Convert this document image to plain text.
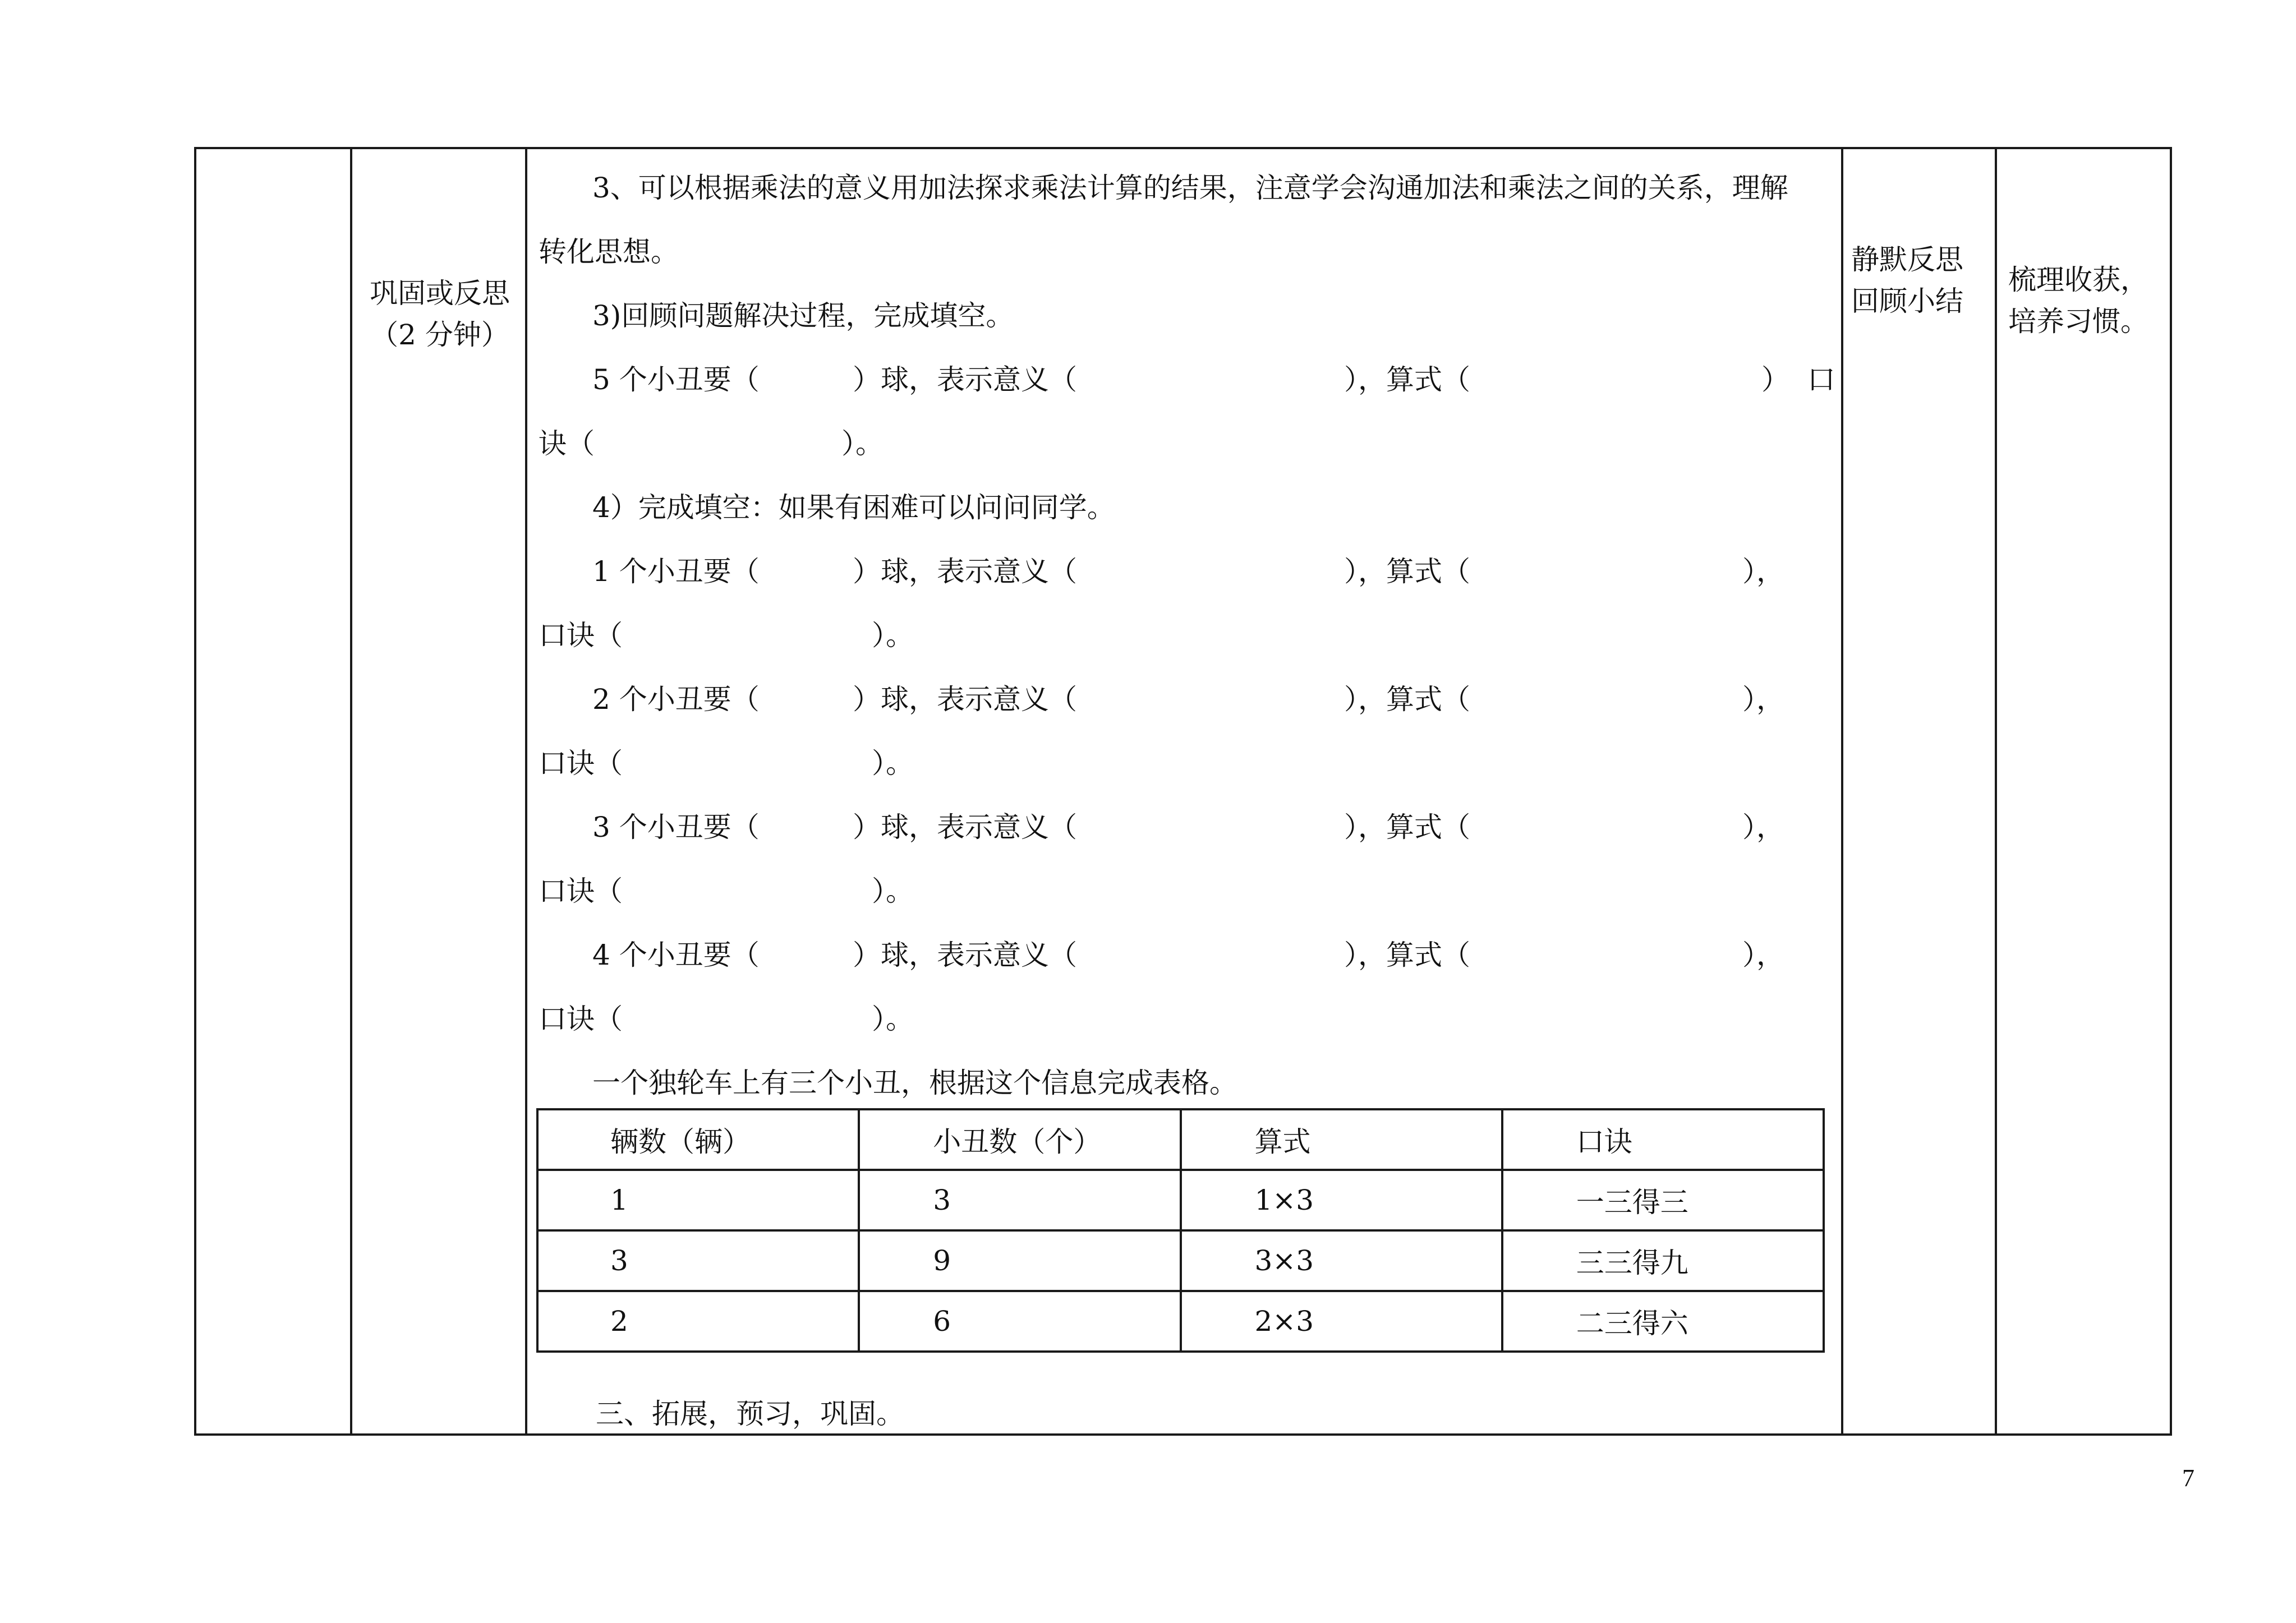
巩固或反思
（2 分钟）
静默反思
回顾小结
梳理收获，
培养习惯。
3、可以根据乘法的意义用加法探求乘法计算的结果，注意学会沟通加法和乘法之间的关系，理解
转化思想。
3)回顾问题解决过程，完成填空。
5 个小丑要（	）球，表示意义（	），算式（	）  口
诀（	）。
4）完成填空：如果有困难可以问问同学。
1 个小丑要（	）球，表示意义（	），算式（	），
口诀（	）。
2 个小丑要（	）球，表示意义（	），算式（	），
口诀（	）。
3 个小丑要（	）球，表示意义（	），算式（	），
口诀（	）。
4 个小丑要（	）球，表示意义（	），算式（	），
口诀（	）。
一个独轮车上有三个小丑，根据这个信息完成表格。
辆数（辆）	小丑数（个）	算式	口诀
1	3	1×3	一三得三
3	9	3×3	三三得九
2	6	2×3	二三得六
三、拓展，预习，巩固。
7
